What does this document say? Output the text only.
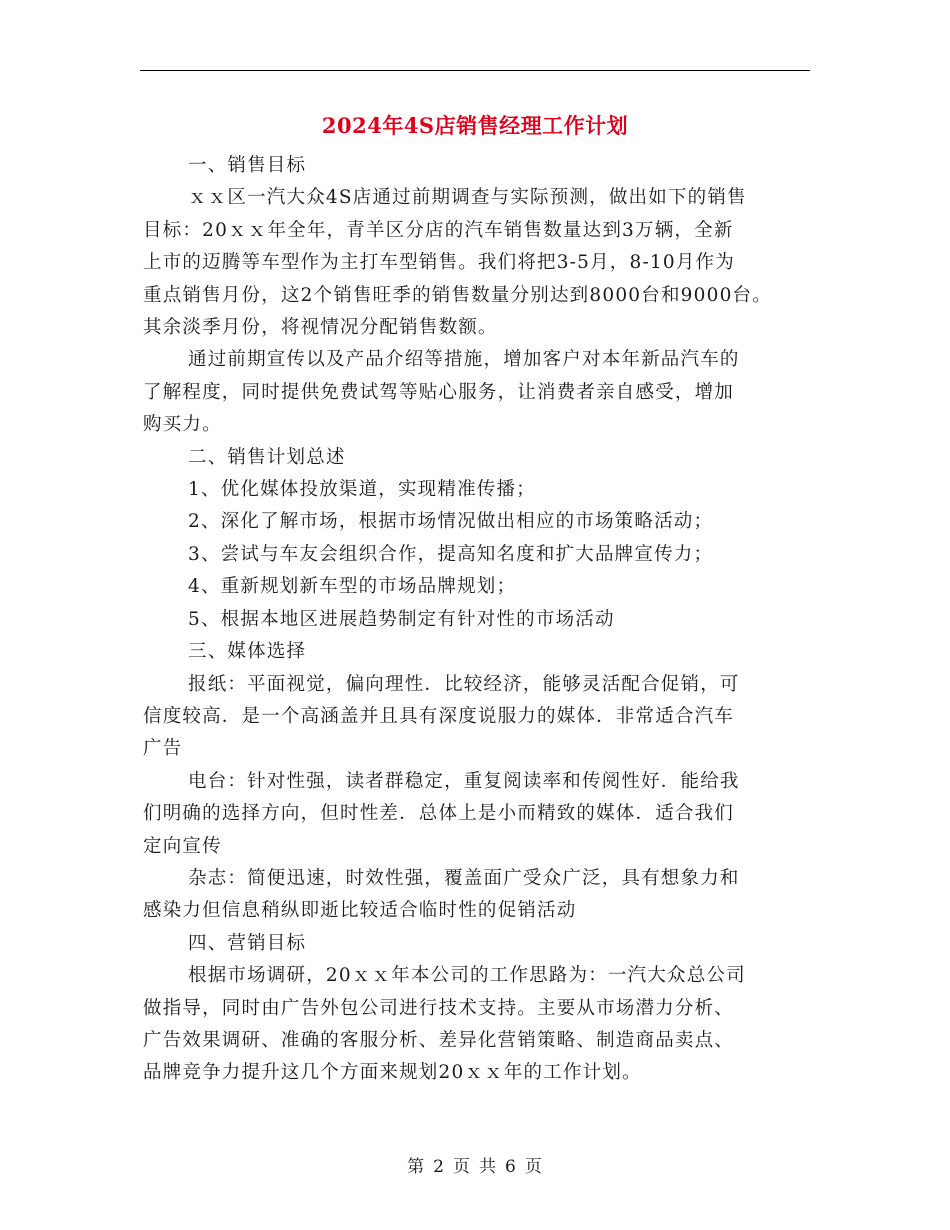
2024年4S店销售经理工作计划

一、销售目标

ｘｘ区一汽大众4S店通过前期调查与实际预测，做出如下的销售

目标：20ｘｘ年全年，青羊区分店的汽车销售数量达到3万辆，全新

上市的迈腾等车型作为主打车型销售。我们将把3-5月，8-10月作为

重点销售月份，这2个销售旺季的销售数量分别达到8000台和9000台。

其余淡季月份，将视情况分配销售数额。

通过前期宣传以及产品介绍等措施，增加客户对本年新品汽车的

了解程度，同时提供免费试驾等贴心服务，让消费者亲自感受，增加

购买力。

二、销售计划总述

1、优化媒体投放渠道，实现精准传播；

2、深化了解市场，根据市场情况做出相应的市场策略活动；

3、尝试与车友会组织合作，提高知名度和扩大品牌宣传力；

4、重新规划新车型的市场品牌规划；

5、根据本地区进展趋势制定有针对性的市场活动

三、媒体选择

报纸：平面视觉，偏向理性．比较经济，能够灵活配合促销，可

信度较高．是一个高涵盖并且具有深度说服力的媒体．非常适合汽车

广告

电台：针对性强，读者群稳定，重复阅读率和传阅性好．能给我

们明确的选择方向，但时性差．总体上是小而精致的媒体．适合我们

定向宣传

杂志：简便迅速，时效性强，覆盖面广受众广泛，具有想象力和

感染力但信息稍纵即逝比较适合临时性的促销活动

四、营销目标

根据市场调研，20ｘｘ年本公司的工作思路为：一汽大众总公司

做指导，同时由广告外包公司进行技术支持。主要从市场潜力分析、

广告效果调研、准确的客服分析、差异化营销策略、制造商品卖点、

品牌竞争力提升这几个方面来规划20ｘｘ年的工作计划。

第 2 页 共 6 页
